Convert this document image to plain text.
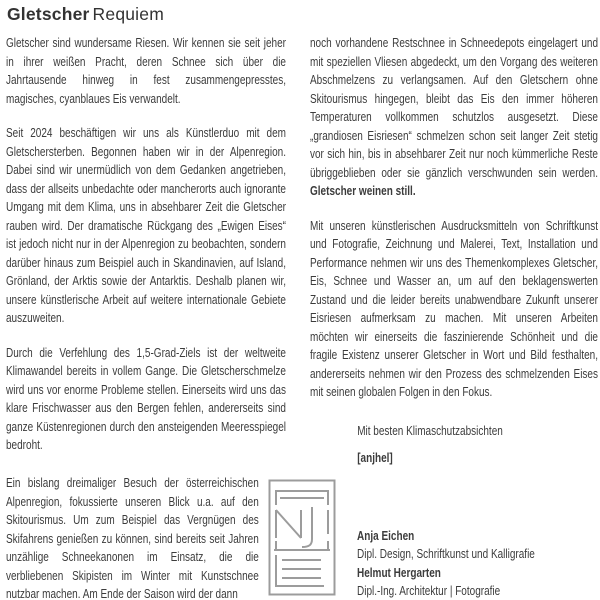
Gletscher Requiem

Gletscher sind wundersame Riesen. Wir kennen sie seit jeher in ihrer weißen Pracht, deren Schnee sich über die Jahrtausende hinweg in fest zusammengepresstes, magisches, cyanblaues Eis verwandelt.

Seit 2024 beschäftigen wir uns als Künstlerduo mit dem Gletschersterben. Begonnen haben wir in der Alpenregion. Dabei sind wir unermüdlich von dem Gedanken angetrieben, dass der allseits unbedachte oder mancherorts auch ignorante Umgang mit dem Klima, uns in absehbarer Zeit die Gletscher rauben wird. Der dramatische Rückgang des „Ewigen Eises“ ist jedoch nicht nur in der Alpenregion zu beobachten, sondern darüber hinaus zum Beispiel auch in Skandinavien, auf Island, Grönland, der Arktis sowie der Antarktis. Deshalb planen wir, unsere künstlerische Arbeit auf weitere internationale Gebiete auszuweiten.

Durch die Verfehlung des 1,5-Grad-Ziels ist der weltweite Klimawandel bereits in vollem Gange. Die Gletscherschmelze wird uns vor enorme Probleme stellen. Einerseits wird uns das klare Frischwasser aus den Bergen fehlen, andererseits sind ganze Küstenregionen durch den ansteigenden Meeresspiegel bedroht.

Ein bislang dreimaliger Besuch der österreichischen Alpenregion, fokussierte unseren Blick u.a. auf den Skitourismus. Um zum Beispiel das Vergnügen des Skifahrens genießen zu können, sind bereits seit Jahren unzählige Schneekanonen im Einsatz, die die verbliebenen Skipisten im Winter mit Kunstschnee nutzbar machen. Am Ende der Saison wird der dann

noch vorhandene Restschnee in Schneedepots eingelagert und mit speziellen Vliesen abgedeckt, um den Vorgang des weiteren Abschmelzens zu verlangsamen. Auf den Gletschern ohne Skitourismus hingegen, bleibt das Eis den immer höheren Temperaturen vollkommen schutzlos ausgesetzt. Diese „grandiosen Eisriesen“ schmelzen schon seit langer Zeit stetig vor sich hin, bis in absehbarer Zeit nur noch kümmerliche Reste übriggeblieben oder sie gänzlich verschwunden sein werden. Gletscher weinen still.

Mit unseren künstlerischen Ausdrucksmitteln von Schriftkunst und Fotografie, Zeichnung und Malerei, Text, Installation und Performance nehmen wir uns des Themenkomplexes Gletscher, Eis, Schnee und Wasser an, um auf den beklagenswerten Zustand und die leider bereits unabwendbare Zukunft unserer Eisriesen aufmerksam zu machen. Mit unseren Arbeiten möchten wir einerseits die faszinierende Schönheit und die fragile Existenz unserer Gletscher in Wort und Bild festhalten, andererseits nehmen wir den Prozess des schmelzenden Eises mit seinen globalen Folgen in den Fokus.

Mit besten Klimaschutzabsichten

[anjhel]

Anja Eichen
Dipl. Design, Schriftkunst und Kalligrafie
Helmut Hergarten
Dipl.-Ing. Architektur | Fotografie
